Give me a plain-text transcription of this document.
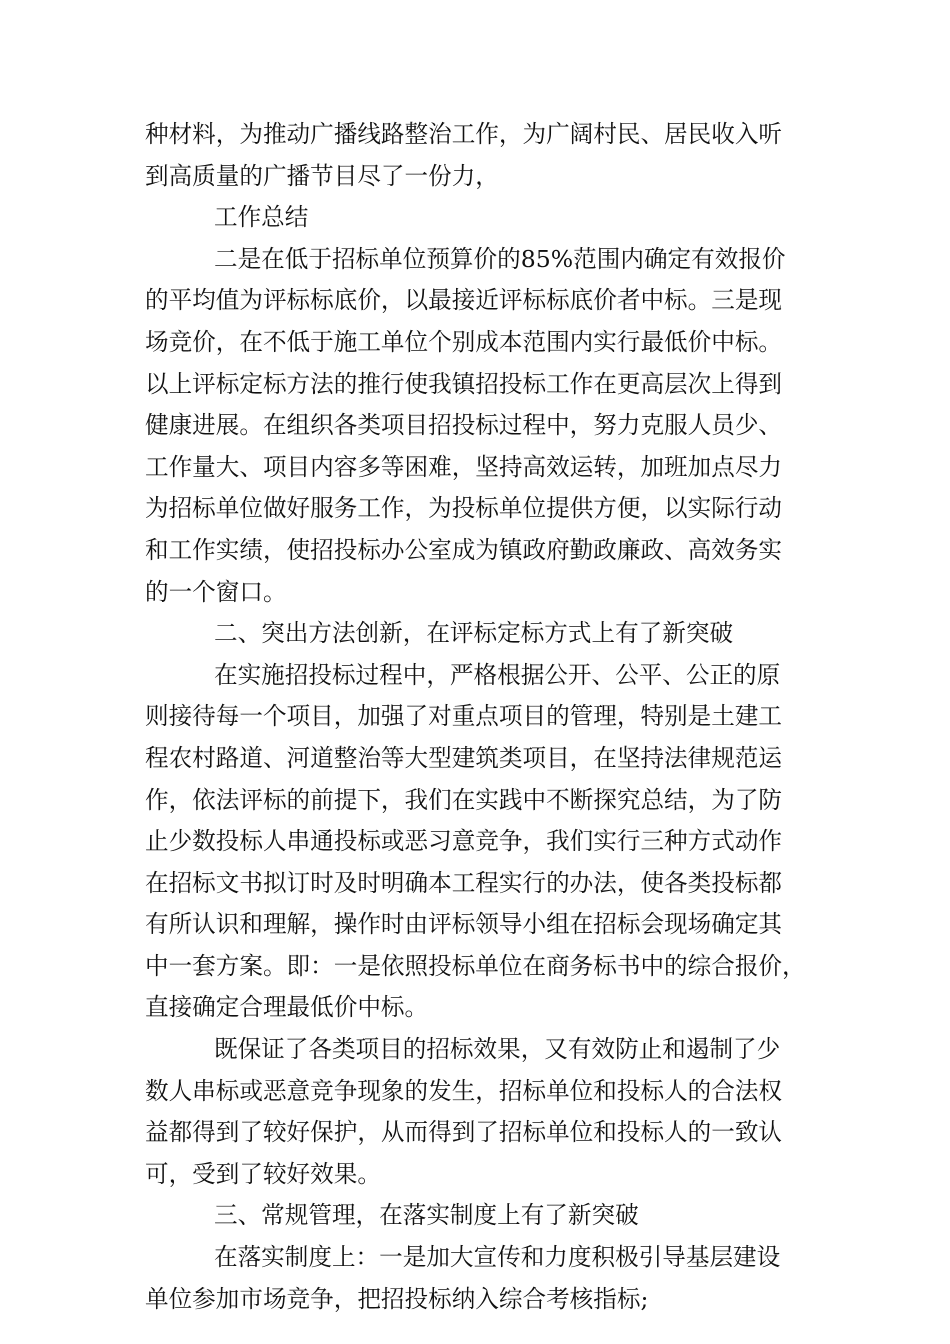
种材料，为推动广播线路整治工作，为广阔村民、居民收入听
到高质量的广播节目尽了一份力，
工作总结
二是在低于招标单位预算价的85%范围内确定有效报价
的平均值为评标标底价，以最接近评标标底价者中标。三是现
场竞价，在不低于施工单位个别成本范围内实行最低价中标。
以上评标定标方法的推行使我镇招投标工作在更高层次上得到
健康进展。在组织各类项目招投标过程中，努力克服人员少、
工作量大、项目内容多等困难，坚持高效运转，加班加点尽力
为招标单位做好服务工作，为投标单位提供方便，以实际行动
和工作实绩，使招投标办公室成为镇政府勤政廉政、高效务实
的一个窗口。
二、突出方法创新，在评标定标方式上有了新突破
在实施招投标过程中，严格根据公开、公平、公正的原
则接待每一个项目，加强了对重点项目的管理，特别是土建工
程农村路道、河道整治等大型建筑类项目，在坚持法律规范运
作，依法评标的前提下，我们在实践中不断探究总结，为了防
止少数投标人串通投标或恶习意竞争，我们实行三种方式动作
在招标文书拟订时及时明确本工程实行的办法，使各类投标都
有所认识和理解，操作时由评标领导小组在招标会现场确定其
中一套方案。即：一是依照投标单位在商务标书中的综合报价，
直接确定合理最低价中标。
既保证了各类项目的招标效果，又有效防止和遏制了少
数人串标或恶意竞争现象的发生，招标单位和投标人的合法权
益都得到了较好保护，从而得到了招标单位和投标人的一致认
可，受到了较好效果。
三、常规管理，在落实制度上有了新突破
在落实制度上：一是加大宣传和力度积极引导基层建设
单位参加市场竞争，把招投标纳入综合考核指标;
